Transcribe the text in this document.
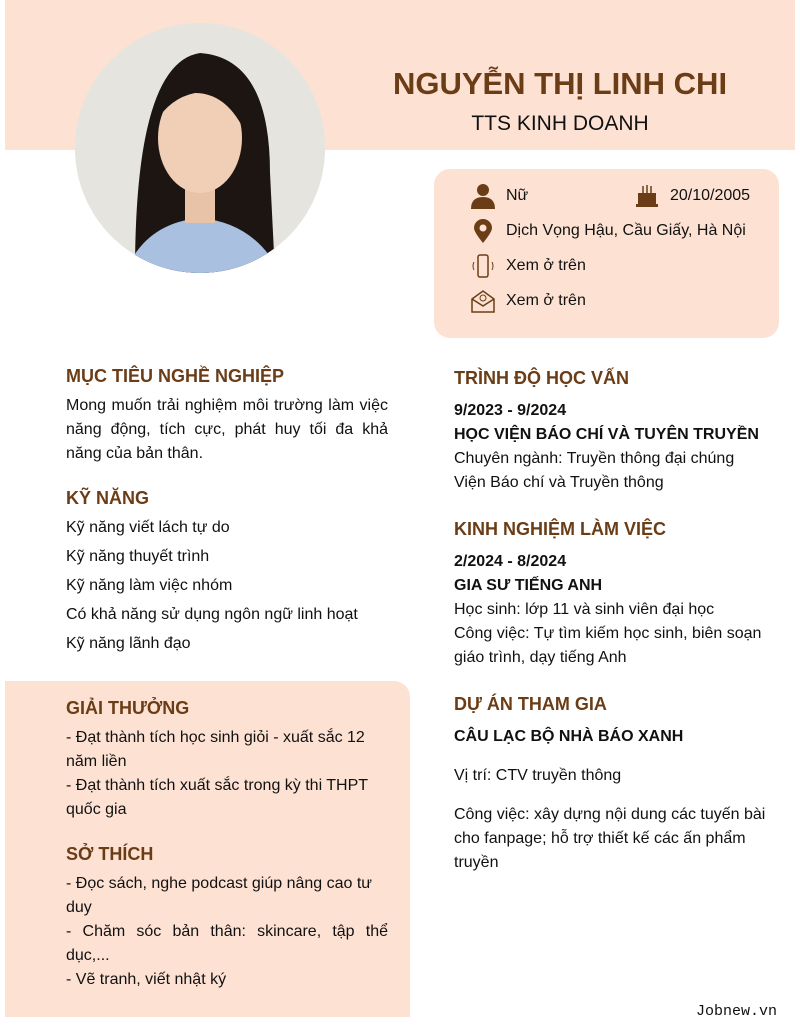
NGUYỄN THỊ LINH CHI
TTS KINH DOANH
Nữ	20/10/2005
Dịch Vọng Hậu, Cầu Giấy, Hà Nội
Xem ở trên
Xem ở trên
MỤC TIÊU NGHỀ NGHIỆP
Mong muốn trải nghiệm môi trường làm việc năng động, tích cực, phát huy tối đa khả năng của bản thân.
KỸ NĂNG
Kỹ năng viết lách tự do
Kỹ năng thuyết trình
Kỹ năng làm việc nhóm
Có khả năng sử dụng ngôn ngữ linh hoạt
Kỹ năng lãnh đạo
GIẢI THƯỞNG
- Đạt thành tích học sinh giỏi - xuất sắc 12 năm liền
- Đạt thành tích xuất sắc trong kỳ thi THPT quốc gia
SỞ THÍCH
- Đọc sách, nghe podcast giúp nâng cao tư duy
- Chăm sóc bản thân: skincare, tập thể dục,...
- Vẽ tranh, viết nhật ký
TRÌNH ĐỘ HỌC VẤN
9/2023 - 9/2024
HỌC VIỆN BÁO CHÍ VÀ TUYÊN TRUYỀN
Chuyên ngành: Truyền thông đại chúng
Viện Báo chí và Truyền thông
KINH NGHIỆM LÀM VIỆC
2/2024 - 8/2024
GIA SƯ TIẾNG ANH
Học sinh: lớp 11 và sinh viên đại học
Công việc: Tự tìm kiếm học sinh, biên soạn giáo trình, dạy tiếng Anh
DỰ ÁN THAM GIA
CÂU LẠC BỘ NHÀ BÁO XANH
Vị trí: CTV truyền thông
Công việc: xây dựng nội dung các tuyến bài cho fanpage; hỗ trợ thiết kế các ấn phẩm truyền
Jobnew.vn
